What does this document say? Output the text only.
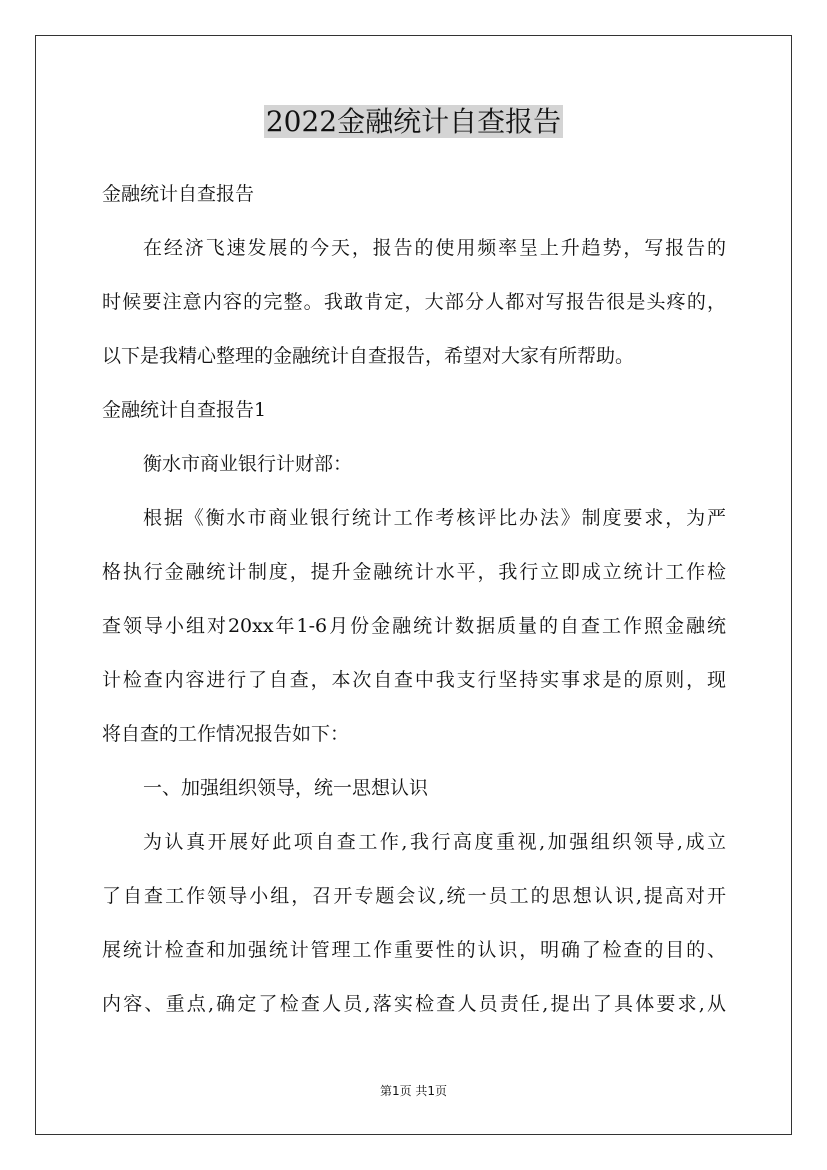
2022金融统计自查报告

金融统计自查报告

在经济飞速发展的今天，报告的使用频率呈上升趋势，写报告的

时候要注意内容的完整。我敢肯定，大部分人都对写报告很是头疼的，

以下是我精心整理的金融统计自查报告，希望对大家有所帮助。

金融统计自查报告1

衡水市商业银行计财部：

根据《衡水市商业银行统计工作考核评比办法》制度要求，为严

格执行金融统计制度，提升金融统计水平，我行立即成立统计工作检

查领导小组对20xx年1-6月份金融统计数据质量的自查工作照金融统

计检查内容进行了自查，本次自查中我支行坚持实事求是的原则，现

将自查的工作情况报告如下：

一、加强组织领导，统一思想认识

为认真开展好此项自查工作,我行高度重视,加强组织领导,成立

了自查工作领导小组，召开专题会议,统一员工的思想认识,提高对开

展统计检查和加强统计管理工作重要性的认识，明确了检查的目的、

内容、重点,确定了检查人员,落实检查人员责任,提出了具体要求,从

第1页 共1页
